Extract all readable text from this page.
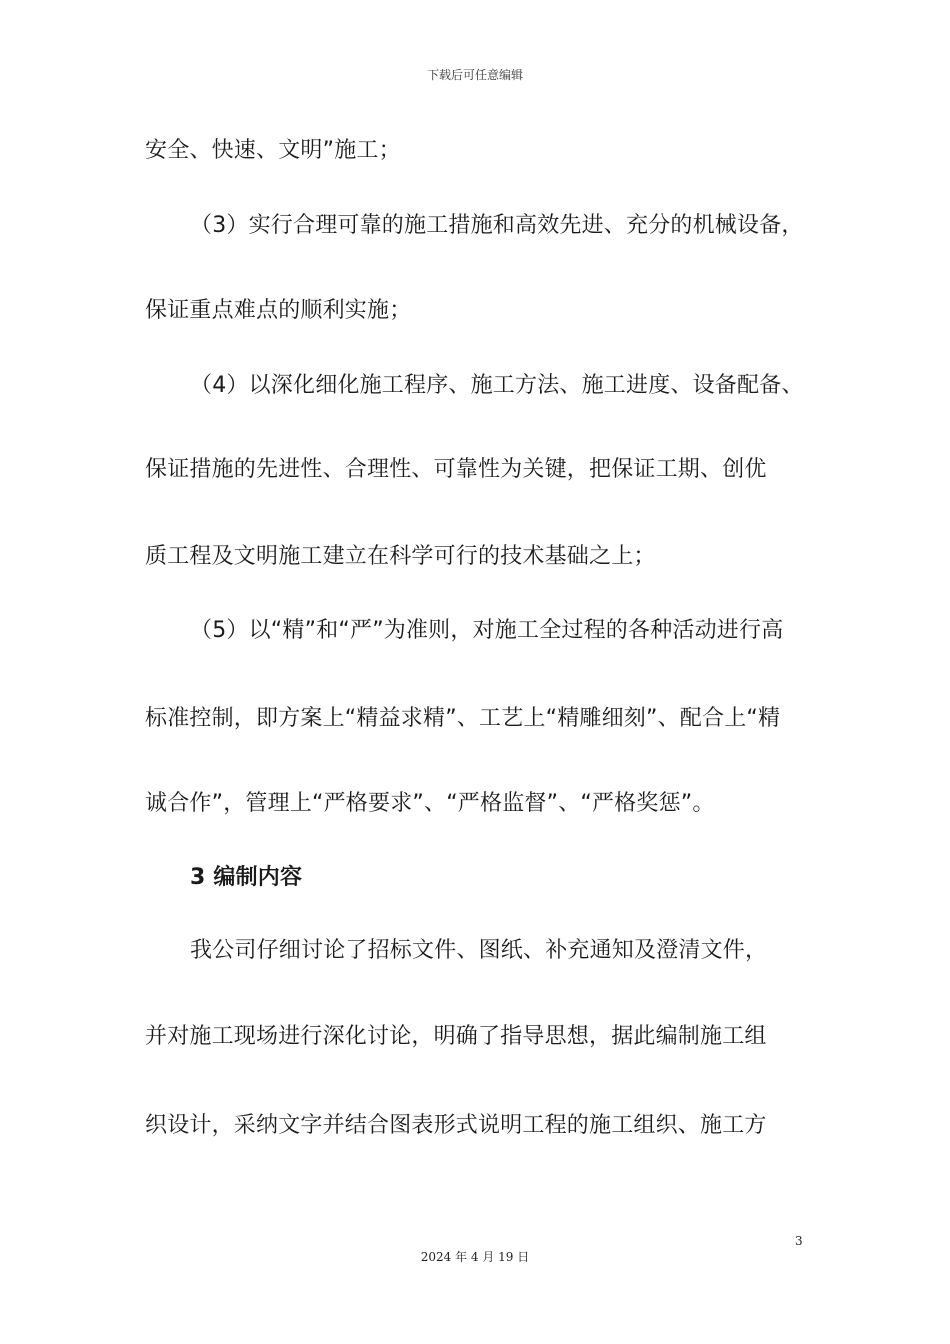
下载后可任意编辑
安全、快速、文明”施工；
（3）实行合理可靠的施工措施和高效先进、充分的机械设备，
保证重点难点的顺利实施；
（4）以深化细化施工程序、施工方法、施工进度、设备配备、
保证措施的先进性、合理性、可靠性为关键，把保证工期、创优
质工程及文明施工建立在科学可行的技术基础之上；
（5）以“精”和“严”为准则，对施工全过程的各种活动进行高
标准控制，即方案上“精益求精”、工艺上“精雕细刻”、配合上“精
诚合作”，管理上“严格要求”、“严格监督”、“严格奖惩”。
3 编制内容
我公司仔细讨论了招标文件、图纸、补充通知及澄清文件，
并对施工现场进行深化讨论，明确了指导思想，据此编制施工组
织设计，采纳文字并结合图表形式说明工程的施工组织、施工方
3
2024 年 4 月 19 日
